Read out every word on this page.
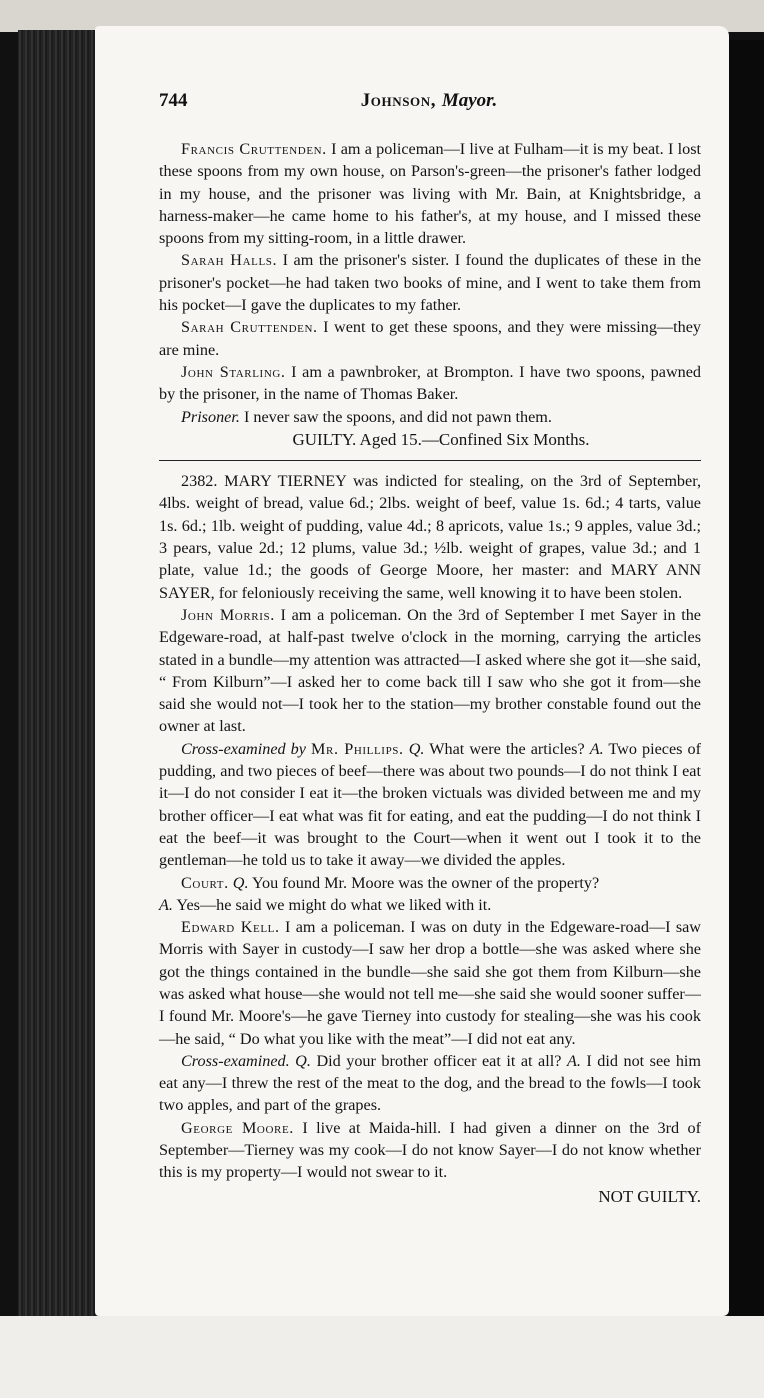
744	Johnson, Mayor.

Francis Cruttenden. I am a policeman—I live at Fulham—it is my beat. I lost these spoons from my own house, on Parson's-green—the prisoner's father lodged in my house, and the prisoner was living with Mr. Bain, at Knightsbridge, a harness-maker—he came home to his father's, at my house, and I missed these spoons from my sitting-room, in a little drawer.

Sarah Halls. I am the prisoner's sister. I found the duplicates of these in the prisoner's pocket—he had taken two books of mine, and I went to take them from his pocket—I gave the duplicates to my father.

Sarah Cruttenden. I went to get these spoons, and they were missing—they are mine.

John Starling. I am a pawnbroker, at Brompton. I have two spoons, pawned by the prisoner, in the name of Thomas Baker.

Prisoner. I never saw the spoons, and did not pawn them.

GUILTY. Aged 15.—Confined Six Months.

2382. MARY TIERNEY was indicted for stealing, on the 3rd of September, 4lbs. weight of bread, value 6d.; 2lbs. weight of beef, value 1s. 6d.; 4 tarts, value 1s. 6d.; 1lb. weight of pudding, value 4d.; 8 apricots, value 1s.; 9 apples, value 3d.; 3 pears, value 2d.; 12 plums, value 3d.; ½lb. weight of grapes, value 3d.; and 1 plate, value 1d.; the goods of George Moore, her master: and MARY ANN SAYER, for feloniously receiving the same, well knowing it to have been stolen.

John Morris. I am a policeman. On the 3rd of September I met Sayer in the Edgeware-road, at half-past twelve o'clock in the morning, carrying the articles stated in a bundle—my attention was attracted—I asked where she got it—she said, “ From Kilburn”—I asked her to come back till I saw who she got it from—she said she would not—I took her to the station—my brother constable found out the owner at last.

Cross-examined by Mr. Phillips. Q. What were the articles? A. Two pieces of pudding, and two pieces of beef—there was about two pounds—I do not think I eat it—I do not consider I eat it—the broken victuals was divided between me and my brother officer—I eat what was fit for eating, and eat the pudding—I do not think I eat the beef—it was brought to the Court—when it went out I took it to the gentleman—he told us to take it away—we divided the apples.

Court. Q. You found Mr. Moore was the owner of the property?

A. Yes—he said we might do what we liked with it.

Edward Kell. I am a policeman. I was on duty in the Edgeware-road—I saw Morris with Sayer in custody—I saw her drop a bottle—she was asked where she got the things contained in the bundle—she said she got them from Kilburn—she was asked what house—she would not tell me—she said she would sooner suffer—I found Mr. Moore's—he gave Tierney into custody for stealing—she was his cook—he said, “ Do what you like with the meat”—I did not eat any.

Cross-examined. Q. Did your brother officer eat it at all? A. I did not see him eat any—I threw the rest of the meat to the dog, and the bread to the fowls—I took two apples, and part of the grapes.

George Moore. I live at Maida-hill. I had given a dinner on the 3rd of September—Tierney was my cook—I do not know Sayer—I do not know whether this is my property—I would not swear to it.

NOT GUILTY.
